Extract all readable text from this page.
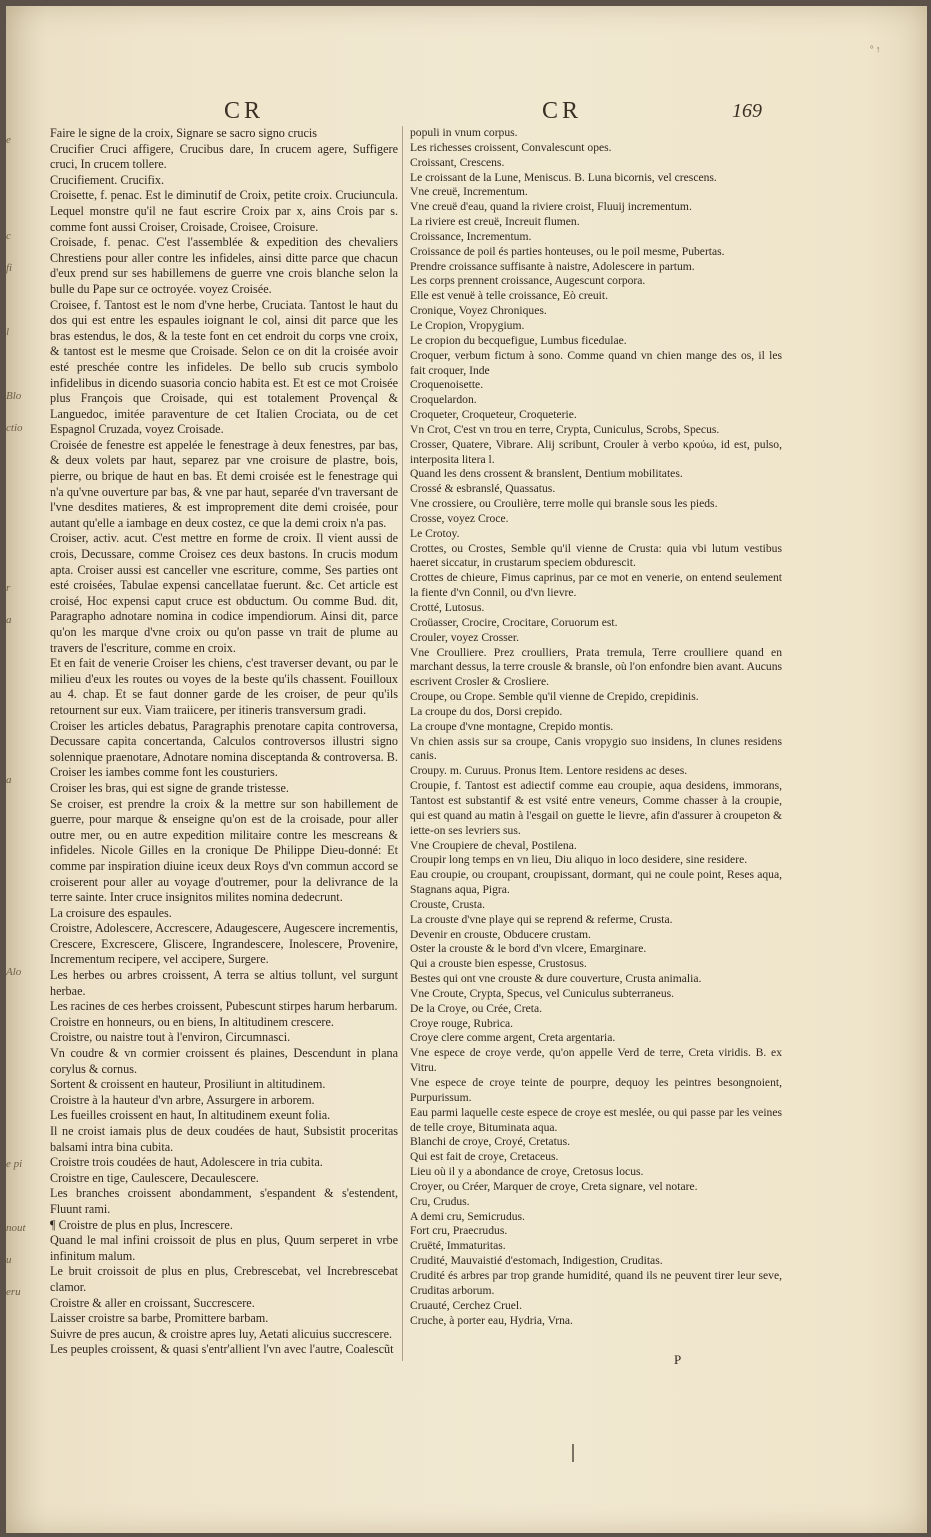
e

c
fi

l

Blo
ctio

r
a

a

Alo

e pi

nout
u
eru

° ↑
CR	CR	169

Faire le signe de la croix, Signare se sacro signo crucis

Crucifier Cruci affigere, Crucibus dare, In crucem agere, Suffigere cruci, In crucem tollere.

Crucifiement. Crucifix.

Croisette, f. penac. Est le diminutif de Croix, petite croix. Cruciuncula. Lequel monstre qu'il ne faut escrire Croix par x, ains Crois par s. comme font aussi Croiser, Croisade, Croisee, Croisure.

Croisade, f. penac. C'est l'assemblée & expedition des chevaliers Chrestiens pour aller contre les infideles, ainsi ditte parce que chacun d'eux prend sur ses habillemens de guerre vne crois blanche selon la bulle du Pape sur ce octroyée. voyez Croisée.

Croisee, f. Tantost est le nom d'vne herbe, Cruciata. Tantost le haut du dos qui est entre les espaules ioignant le col, ainsi dit parce que les bras estendus, le dos, & la teste font en cet endroit du corps vne croix, & tantost est le mesme que Croisade. Selon ce on dit la croisée avoir esté preschée contre les infideles. De bello sub crucis symbolo infidelibus in dicendo suasoria concio habita est. Et est ce mot Croisée plus François que Croisade, qui est totalement Provençal & Languedoc, imitée paraventure de cet Italien Crociata, ou de cet Espagnol Cruzada, voyez Croisade.

Croisée de fenestre est appelée le fenestrage à deux fenestres, par bas, & deux volets par haut, separez par vne croisure de plastre, bois, pierre, ou brique de haut en bas. Et demi croisée est le fenestrage qui n'a qu'vne ouverture par bas, & vne par haut, separée d'vn traversant de l'vne desdites matieres, & est improprement dite demi croisée, pour autant qu'elle a iambage en deux costez, ce que la demi croix n'a pas.

Croiser, activ. acut. C'est mettre en forme de croix. Il vient aussi de crois, Decussare, comme Croisez ces deux bastons. In crucis modum apta. Croiser aussi est canceller vne escriture, comme, Ses parties ont esté croisées, Tabulae expensi cancellatae fuerunt. &c. Cet article est croisé, Hoc expensi caput cruce est obductum. Ou comme Bud. dit, Paragrapho adnotare nomina in codice impendiorum. Ainsi dit, parce qu'on les marque d'vne croix ou qu'on passe vn trait de plume au travers de l'escriture, comme en croix.

Et en fait de venerie Croiser les chiens, c'est traverser devant, ou par le milieu d'eux les routes ou voyes de la beste qu'ils chassent. Fouilloux au 4. chap. Et se faut donner garde de les croiser, de peur qu'ils retournent sur eux. Viam traiicere, per itineris transversum gradi.

Croiser les articles debatus, Paragraphis prenotare capita controversa, Decussare capita concertanda, Calculos controversos illustri signo solennique praenotare, Adnotare nomina disceptanda & controversa. B.

Croiser les iambes comme font les cousturiers.

Croiser les bras, qui est signe de grande tristesse.

Se croiser, est prendre la croix & la mettre sur son habillement de guerre, pour marque & enseigne qu'on est de la croisade, pour aller outre mer, ou en autre expedition militaire contre les mescreans & infideles. Nicole Gilles en la cronique De Philippe Dieu-donné: Et comme par inspiration diuine iceux deux Roys d'vn commun accord se croiserent pour aller au voyage d'outremer, pour la delivrance de la terre sainte. Inter cruce insignitos milites nomina dedecrunt.

La croisure des espaules.

Croistre, Adolescere, Accrescere, Adaugescere, Augescere incrementis, Crescere, Excrescere, Gliscere, Ingrandescere, Inolescere, Provenire, Incrementum recipere, vel accipere, Surgere.

Les herbes ou arbres croissent, A terra se altius tollunt, vel surgunt herbae.

Les racines de ces herbes croissent, Pubescunt stirpes harum herbarum.

Croistre en honneurs, ou en biens, In altitudinem crescere.

Croistre, ou naistre tout à l'environ, Circumnasci.

Vn coudre & vn cormier croissent és plaines, Descendunt in plana corylus & cornus.

Sortent & croissent en hauteur, Prosiliunt in altitudinem.

Croistre à la hauteur d'vn arbre, Assurgere in arborem.

Les fueilles croissent en haut, In altitudinem exeunt folia.

Il ne croist iamais plus de deux coudées de haut, Subsistit proceritas balsami intra bina cubita.

Croistre trois coudées de haut, Adolescere in tria cubita.

Croistre en tige, Caulescere, Decaulescere.

Les branches croissent abondamment, s'espandent & s'estendent, Fluunt rami.

¶ Croistre de plus en plus, Increscere.

Quand le mal infini croissoit de plus en plus, Quum serperet in vrbe infinitum malum.

Le bruit croissoit de plus en plus, Crebrescebat, vel Increbrescebat clamor.

Croistre & aller en croissant, Succrescere.

Laisser croistre sa barbe, Promittere barbam.

Suivre de pres aucun, & croistre apres luy, Aetati alicuius succrescere.

Les peuples croissent, & quasi s'entr'allient l'vn avec l'autre, Coalescũt

populi in vnum corpus.

Les richesses croissent, Convalescunt opes.

Croissant, Crescens.

Le croissant de la Lune, Meniscus. B. Luna bicornis, vel crescens.

Vne creuë, Incrementum.

Vne creuë d'eau, quand la riviere croist, Fluuij incrementum.

La riviere est creuë, Increuit flumen.

Croissance, Incrementum.

Croissance de poil és parties honteuses, ou le poil mesme, Pubertas.

Prendre croissance suffisante à naistre, Adolescere in partum.

Les corps prennent croissance, Augescunt corpora.

Elle est venuë à telle croissance, Eò creuit.

Cronique, Voyez Chroniques.

Le Cropion, Vropygium.

Le cropion du becquefigue, Lumbus ficedulae.

Croquer, verbum fictum à sono. Comme quand vn chien mange des os, il les fait croquer, Inde

Croquenoisette.

Croquelardon.

Croqueter, Croqueteur, Croqueterie.

Vn Crot, C'est vn trou en terre, Crypta, Cuniculus, Scrobs, Specus.

Crosser, Quatere, Vibrare. Alij scribunt, Crouler à verbo κρούω, id est, pulso, interposita litera l.

Quand les dens crossent & branslent, Dentium mobilitates.

Crossé & esbranslé, Quassatus.

Vne crossiere, ou Croulière, terre molle qui bransle sous les pieds.

Crosse, voyez Croce.

Le Crotoy.

Crottes, ou Crostes, Semble qu'il vienne de Crusta: quia vbi lutum vestibus haeret siccatur, in crustarum speciem obdurescit.

Crottes de chieure, Fimus caprinus, par ce mot en venerie, on entend seulement la fiente d'vn Connil, ou d'vn lievre.

Crotté, Lutosus.

Croüasser, Crocire, Crocitare, Coruorum est.

Crouler, voyez Crosser.

Vne Croulliere. Prez croulliers, Prata tremula, Terre croulliere quand en marchant dessus, la terre crousle & bransle, où l'on enfondre bien avant. Aucuns escrivent Crosler & Crosliere.

Croupe, ou Crope. Semble qu'il vienne de Crepido, crepidinis.

La croupe du dos, Dorsi crepido.

La croupe d'vne montagne, Crepido montis.

Vn chien assis sur sa croupe, Canis vropygio suo insidens, In clunes residens canis.

Croupy. m. Curuus. Pronus Item. Lentore residens ac deses.

Croupie, f. Tantost est adiectif comme eau croupie, aqua desidens, immorans, Tantost est substantif & est vsité entre veneurs, Comme chasser à la croupie, qui est quand au matin à l'esgail on guette le lievre, afin d'assurer à croupeton & iette-on ses levriers sus.

Vne Croupiere de cheval, Postilena.

Croupir long temps en vn lieu, Diu aliquo in loco desidere, sine residere.

Eau croupie, ou croupant, croupissant, dormant, qui ne coule point, Reses aqua, Stagnans aqua, Pigra.

Crouste, Crusta.

La crouste d'vne playe qui se reprend & referme, Crusta.

Devenir en crouste, Obducere crustam.

Oster la crouste & le bord d'vn vlcere, Emarginare.

Qui a crouste bien espesse, Crustosus.

Bestes qui ont vne crouste & dure couverture, Crusta animalia.

Vne Croute, Crypta, Specus, vel Cuniculus subterraneus.

De la Croye, ou Crée, Creta.

Croye rouge, Rubrica.

Croye clere comme argent, Creta argentaria.

Vne espece de croye verde, qu'on appelle Verd de terre, Creta viridis. B. ex Vitru.

Vne espece de croye teinte de pourpre, dequoy les peintres besongnoient, Purpurissum.

Eau parmi laquelle ceste espece de croye est meslée, ou qui passe par les veines de telle croye, Bituminata aqua.

Blanchi de croye, Croyé, Cretatus.

Qui est fait de croye, Cretaceus.

Lieu où il y a abondance de croye, Cretosus locus.

Croyer, ou Créer, Marquer de croye, Creta signare, vel notare.

Cru, Crudus.

A demi cru, Semicrudus.

Fort cru, Praecrudus.

Cruëté, Immaturitas.

Crudité, Mauvaistié d'estomach, Indigestion, Cruditas.

Crudité és arbres par trop grande humidité, quand ils ne peuvent tirer leur seve, Cruditas arborum.

Cruauté, Cerchez Cruel.

Cruche, à porter eau, Hydria, Vrna.

P
